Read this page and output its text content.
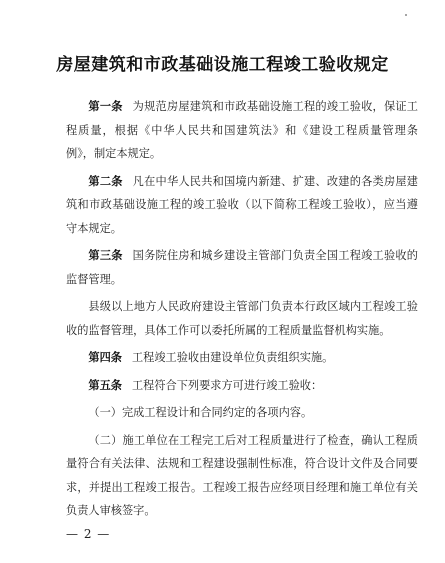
房屋建筑和市政基础设施工程竣工验收规定

第一条 为规范房屋建筑和市政基础设施工程的竣工验收，保证工程质量，根据《中华人民共和国建筑法》和《建设工程质量管理条例》，制定本规定。

第二条 凡在中华人民共和国境内新建、扩建、改建的各类房屋建筑和市政基础设施工程的竣工验收（以下简称工程竣工验收），应当遵守本规定。

第三条 国务院住房和城乡建设主管部门负责全国工程竣工验收的监督管理。

县级以上地方人民政府建设主管部门负责本行政区域内工程竣工验收的监督管理，具体工作可以委托所属的工程质量监督机构实施。

第四条 工程竣工验收由建设单位负责组织实施。

第五条 工程符合下列要求方可进行竣工验收：

（一）完成工程设计和合同约定的各项内容。

（二）施工单位在工程完工后对工程质量进行了检查，确认工程质量符合有关法律、法规和工程建设强制性标准，符合设计文件及合同要求，并提出工程竣工报告。工程竣工报告应经项目经理和施工单位有关负责人审核签字。

— 2 —
